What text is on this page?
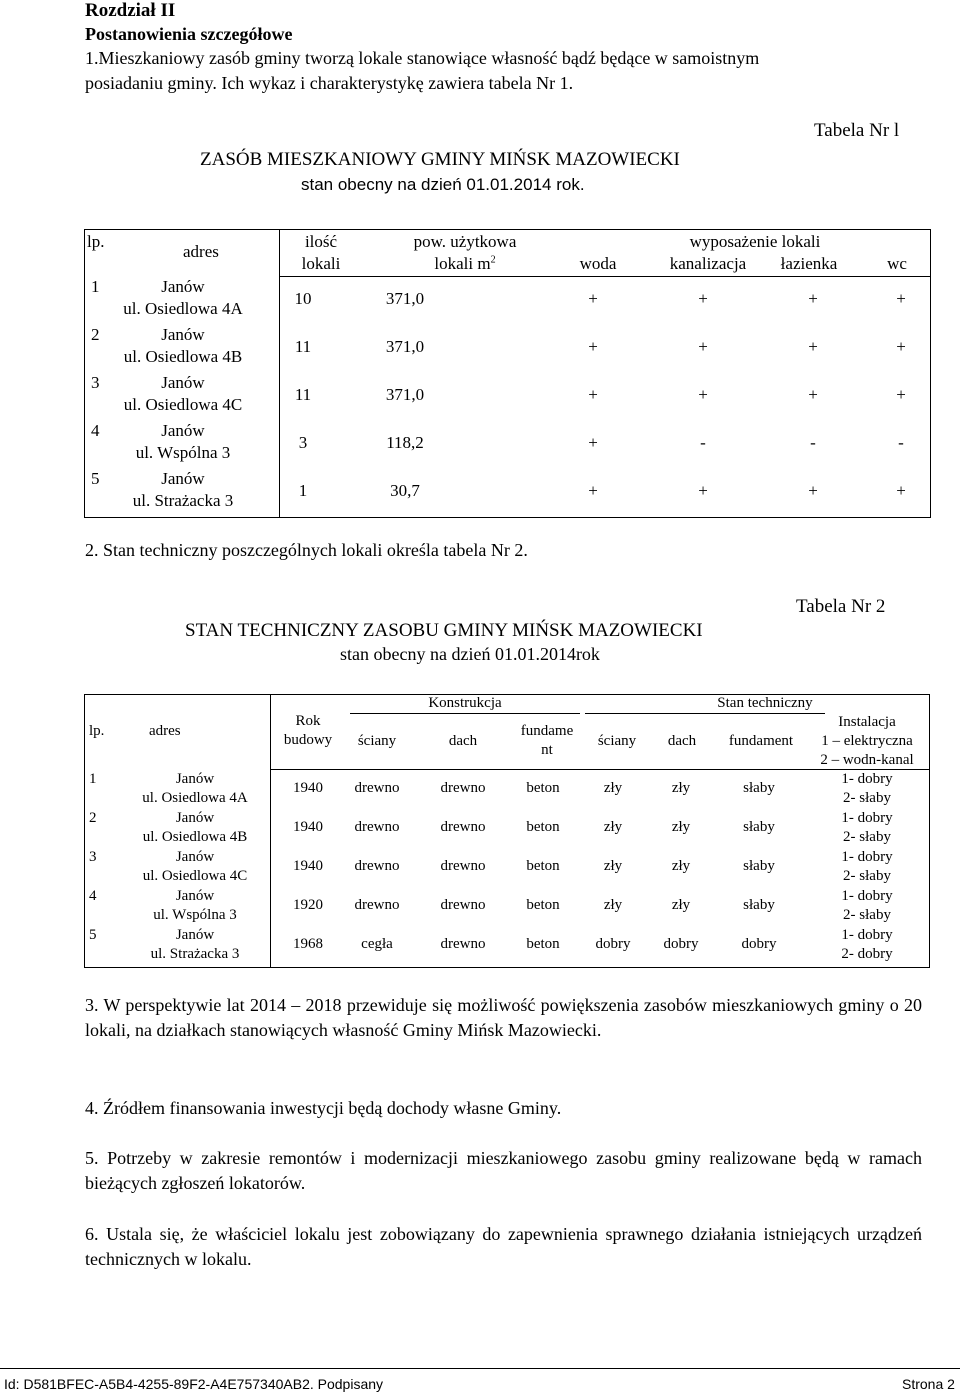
Rozdział II
Postanowienia szczegółowe
1.Mieszkaniowy zasób gminy tworzą lokale stanowiące własność bądź będące w samoistnym
posiadaniu gminy. Ich wykaz i charakterystykę zawiera tabela Nr 1.
Tabela Nr l
ZASÓB MIESZKANIOWY GMINY MIŃSK MAZOWIECKI
stan obecny na dzień 01.01.2014 rok.
lp.
adres
ilość
lokali
pow. użytkowa
lokali $m^2$
wyposażenie lokali
woda	kanalizacja	łazienka	wc
1	Janów
ul. Osiedlowa 4A
10	371,0	+	+	+	+
2	Janów
ul. Osiedlowa 4B
11	371,0	+	+	+	+
3	Janów
ul. Osiedlowa 4C
11	371,0	+	+	+	+
4	Janów
ul. Wspólna 3
3	118,2	+	-	-	-
5	Janów
ul. Strażacka 3
1	30,7	+	+	+	+
2. Stan techniczny poszczególnych lokali określa tabela Nr 2.
Tabela Nr 2
STAN TECHNICZNY ZASOBU GMINY MIŃSK MAZOWIECKI
stan obecny na dzień 01.01.2014rok
lp.	adres
Rok
budowy
Konstrukcja
ściany	dach
fundame
nt
Stan techniczny
ściany	dach	fundament
Instalacja
1 – elektryczna
2 – wodn-kanal
1	Janów
ul. Osiedlowa 4A
1940	drewno	drewno	beton	zły	zły	słaby
1- dobry
2- słaby
2	Janów
ul. Osiedlowa 4B
1940	drewno	drewno	beton	zły	zły	słaby
1- dobry
2- słaby
3	Janów
ul. Osiedlowa 4C
1940	drewno	drewno	beton	zły	zły	słaby
1- dobry
2- słaby
4	Janów
ul. Wspólna 3
1920	drewno	drewno	beton	zły	zły	słaby
1- dobry
2- słaby
5	Janów
ul. Strażacka 3
1968	cegła	drewno	beton	dobry	dobry	dobry
1- dobry
2- dobry
3. W perspektywie lat 2014 – 2018 przewiduje się możliwość powiększenia zasobów mieszkaniowych gminy o 20 lokali, na działkach stanowiących własność Gminy Mińsk Mazowiecki.
4. Źródłem finansowania inwestycji będą dochody własne Gminy.
5. Potrzeby w zakresie remontów i modernizacji mieszkaniowego zasobu gminy realizowane będą w ramach bieżących zgłoszeń lokatorów.
6. Ustala się, że właściciel lokalu jest zobowiązany do zapewnienia sprawnego działania istniejących urządzeń technicznych w lokalu.
Id: D581BFEC-A5B4-4255-89F2-A4E757340AB2. Podpisany	Strona 2
